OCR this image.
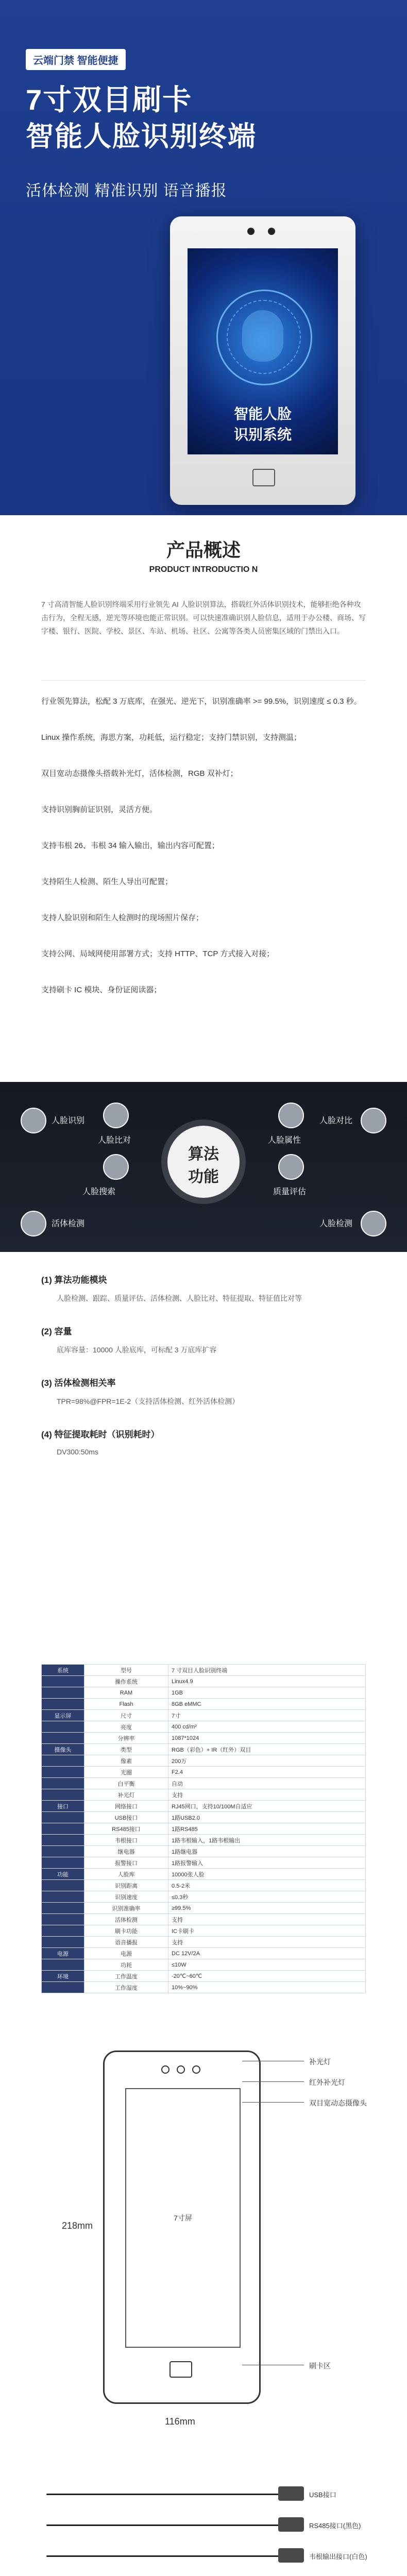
云端门禁 智能便捷
7寸双目刷卡
智能人脸识别终端
活体检测 精准识别 语音播报
智能人脸
识别系统
产品概述
PRODUCT INTRODUCTIO N
7 寸高清智能人脸识别终端采用行业领先 AI 人脸识别算法，搭载红外活体识别技术，能够拒绝各种攻击行为，全程无感，逆光等环境也能正常识别。可以快速准确识别人脸信息，适用于办公楼、商场、写字楼、银行、医院、学校、景区、车站、机场、社区、公寓等各类人员密集区域的门禁出入口。
行业领先算法，松配 3 万底库，在强光、逆光下，识别准确率 >= 99.5%，识别速度 ≤ 0.3 秒。
Linux 操作系统，海思方案，功耗低，运行稳定；支持门禁识别，支持测温；
双目宽动态摄像头搭载补光灯，活体检测，RGB 双补灯；
支持识别胸前证识别，灵活方便。
支持韦根 26、韦根 34 输入输出，输出内容可配置；
支持陌生人检测、陌生人导出可配置；
支持人脸识别和陌生人检测时的现场照片保存；
支持公网、局域网使用部署方式；支持 HTTP、TCP 方式接入对接；
支持刷卡 IC 模块、身份证阅读器；
算法
功能
人脸识别
活体检测
人脸搜索
人脸比对	人脸属性
质量评估
人脸对比
人脸检测
(1) 算法功能模块
人脸检测、跟踪、质量评估、活体检测、人脸比对、特征提取、特征值比对等
(2) 容量
底库容量：10000 人脸底库，可标配 3 万底库扩容
(3) 活体检测相关率
TPR=98%@FPR=1E-2（支持活体检测、红外活体检测）
(4) 特征提取耗时（识别耗时）
DV300:50ms
系统	型号	7 寸双目人脸识别终端
	操作系统	Linux4.9
	RAM	1GB
	Flash	8GB eMMC
显示屏	尺寸	7寸
	亮度	400 cd/m²
	分辨率	1087*1024
摄像头	类型	RGB（彩色）+ IR（红外）双目
	像素	200万
	光圈	F2.4
	白平衡	自动
	补光灯	支持
接口	网络接口	RJ45网口，支持10/100M自适应
	USB接口	1路USB2.0
	RS485接口	1路RS485
	韦根接口	1路韦根输入，1路韦根输出
	继电器	1路继电器
	报警接口	1路报警输入
功能	人脸库	10000张人脸
	识别距离	0.5-2米
	识别速度	≤0.3秒
	识别准确率	≥99.5%
	活体检测	支持
	刷卡功能	IC卡刷卡
	语音播报	支持
电源	电源	DC 12V/2A
	功耗	≤10W
环境	工作温度	-20℃~60℃
	工作湿度	10%~90%
7寸屏
补光灯
红外补光灯
双目宽动态摄像头
刷卡区
218mm
116mm
USB接口
RS485接口(黑色)
韦根输出接口(白色)
